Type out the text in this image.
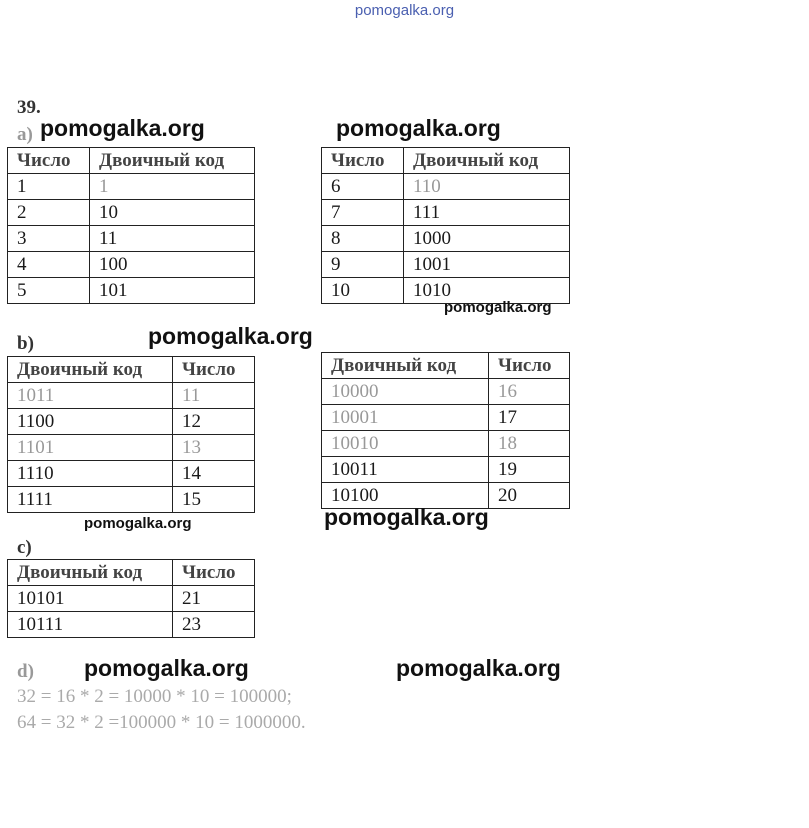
pomogalka.org
39.
a) pomogalka.org	pomogalka.org
Число	Двоичный код
1	1
2	10
3	11
4	100
5	101
Число	Двоичный код
6	110
7	111
8	1000
9	1001
10	1010
pomogalka.org
pomogalka.org
b)
Двоичный код	Число
1011	11
1100	12
1101	13
1110	14
1111	15
Двоичный код	Число
10000	16
10001	17
10010	18
10011	19
10100	20
pomogalka.org	pomogalka.org
c)
Двоичный код	Число
10101	21
10111	23
d) pomogalka.org	pomogalka.org
32 = 16 * 2 = 10000 * 10 = 100000;
64 = 32 * 2 =100000 * 10 = 1000000.
